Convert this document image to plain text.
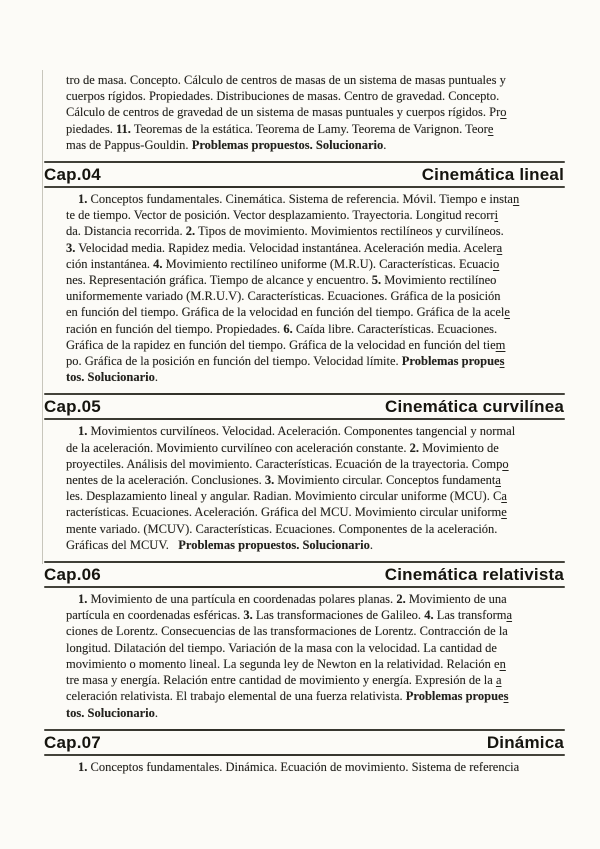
tro de masa. Concepto. Cálculo de centros de masas de un sistema de masas puntuales y
cuerpos rígidos. Propiedades. Distribuciones de masas. Centro de gravedad. Concepto.
Cálculo de centros de gravedad de un sistema de masas puntuales y cuerpos rígidos. Pro
piedades. 11. Teoremas de la estática. Teorema de Lamy. Teorema de Varignon. Teore
mas de Pappus-Gouldin. Problemas propuestos. Solucionario.
Cap.04	Cinemática lineal
1. Conceptos fundamentales. Cinemática. Sistema de referencia. Móvil. Tiempo e instan
te de tiempo. Vector de posición. Vector desplazamiento. Trayectoria. Longitud recorri
da. Distancia recorrida. 2. Tipos de movimiento. Movimientos rectilíneos y curvilíneos.
3. Velocidad media. Rapidez media. Velocidad instantánea. Aceleración media. Acelera
ción instantánea. 4. Movimiento rectilíneo uniforme (M.R.U). Características. Ecuacio
nes. Representación gráfica. Tiempo de alcance y encuentro. 5. Movimiento rectilíneo
uniformemente variado (M.R.U.V). Características. Ecuaciones. Gráfica de la posición
en función del tiempo. Gráfica de la velocidad en función del tiempo. Gráfica de la acele
ración en función del tiempo. Propiedades. 6. Caída libre. Características. Ecuaciones.
Gráfica de la rapidez en función del tiempo. Gráfica de la velocidad en función del tiem
po. Gráfica de la posición en función del tiempo. Velocidad límite. Problemas propues
tos. Solucionario.
Cap.05	Cinemática curvilínea
1. Movimientos curvilíneos. Velocidad. Aceleración. Componentes tangencial y normal
de la aceleración. Movimiento curvilíneo con aceleración constante. 2. Movimiento de
proyectiles. Análisis del movimiento. Características. Ecuación de la trayectoria. Compo
nentes de la aceleración. Conclusiones. 3. Movimiento circular. Conceptos fundamenta
les. Desplazamiento lineal y angular. Radian. Movimiento circular uniforme (MCU). Ca
racterísticas. Ecuaciones. Aceleración. Gráfica del MCU. Movimiento circular uniforme
mente variado. (MCUV). Características. Ecuaciones. Componentes de la aceleración.
Gráficas del MCUV.   Problemas propuestos. Solucionario.
Cap.06	Cinemática relativista
1. Movimiento de una partícula en coordenadas polares planas. 2. Movimiento de una
partícula en coordenadas esféricas. 3. Las transformaciones de Galileo. 4. Las transforma
ciones de Lorentz. Consecuencias de las transformaciones de Lorentz. Contracción de la
longitud. Dilatación del tiempo. Variación de la masa con la velocidad. La cantidad de
movimiento o momento lineal. La segunda ley de Newton en la relatividad. Relación en
tre masa y energía. Relación entre cantidad de movimiento y energía. Expresión de la a
celeración relativista. El trabajo elemental de una fuerza relativista. Problemas propues
tos. Solucionario.
Cap.07	Dinámica
1. Conceptos fundamentales. Dinámica. Ecuación de movimiento. Sistema de referencia
